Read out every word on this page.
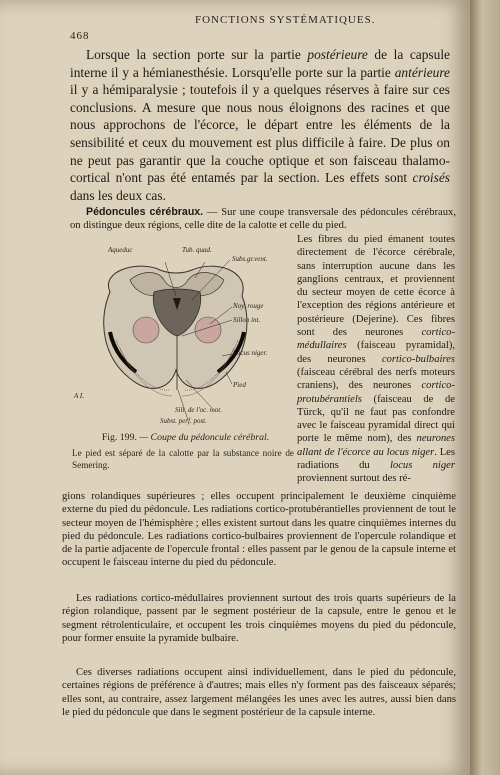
468
FONCTIONS SYSTÉMATIQUES.
Lorsque la section porte sur la partie postérieure de la capsule interne il y a hémianesthésie. Lorsqu'elle porte sur la partie antérieure il y a hémiparalysie ; toutefois il y a quelques réserves à faire sur ces conclusions. A mesure que nous nous éloignons des racines et que nous approchons de l'écorce, le départ entre les éléments de la sensibilité et ceux du mouvement est plus difficile à faire. De plus on ne peut pas garantir que la couche optique et son faisceau thalamo-cortical n'ont pas été entamés par la section. Les effets sont croisés dans les deux cas.
Pédoncules cérébraux. — Sur une coupe transversale des pédoncules cérébraux, on distingue deux régions, celle dite de la calotte et celle du pied.
Aqueduc	Tub. quad.
Subs.gr.vent.
Noy. rouge
Sillon int.
Locus niger.
Pied
A L
Sill. de l'oc. mot.
Subst. perf. post.
Fig. 199. — Coupe du pédoncule cérébral.
Le pied est séparé de la calotte par la substance noire de Semering.
Les fibres du pied émanent toutes directement de l'écorce cérébrale, sans interruption aucune dans les ganglions centraux, et proviennent du secteur moyen de cette écorce à l'exception des régions antérieure et postérieure (Dejerine). Ces fibres sont des neurones cortico-médullaires (faisceau pyramidal), des neurones cortico-bulbaires (faisceau cérébral des nerfs moteurs craniens), des neurones cortico-protubérantiels (faisceau de de Türck, qu'il ne faut pas confondre avec le faisceau pyramidal direct qui porte le même nom), des neurones allant de l'écorce au locus niger. Les radiations du locus niger proviennent surtout des ré-
gions rolandiques supérieures ; elles occupent principalement le deuxième cinquième externe du pied du pédoncule. Les radiations cortico-protubérantielles proviennent de tout le secteur moyen de l'hémisphère ; elles existent surtout dans les quatre cinquièmes internes du pied du pédoncule. Les radiations cortico-bulbaires proviennent de l'opercule rolandique et de la partie adjacente de l'opercule frontal : elles passent par le genou de la capsule interne et occupent le faisceau interne du pied du pédoncule.
Les radiations cortico-médullaires proviennent surtout des trois quarts supérieurs de la région rolandique, passent par le segment postérieur de la capsule, entre le genou et le segment rétrolenticulaire, et occupent les trois cinquièmes moyens du pied du pédoncule, pour former ensuite la pyramide bulbaire.
Ces diverses radiations occupent ainsi individuellement, dans le pied du pédoncule, certaines régions de préférence à d'autres; mais elles n'y forment pas des faisceaux séparés; elles sont, au contraire, assez largement mélangées les unes avec les autres, aussi bien dans le pied du pédoncule que dans le segment postérieur de la capsule interne.
